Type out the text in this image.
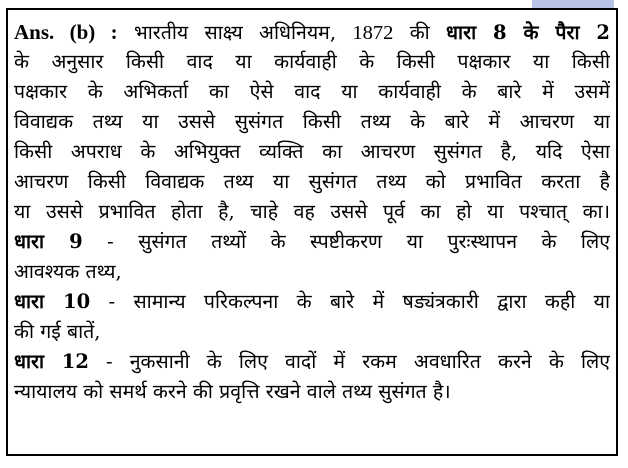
Ans. (b) : भारतीय साक्ष्य अधिनियम, 1872 की धारा 8 के पैरा 2
के अनुसार किसी वाद या कार्यवाही के किसी पक्षकार या किसी
पक्षकार के अभिकर्ता का ऐसे वाद या कार्यवाही के बारे में उसमें
विवाद्यक तथ्य या उससे सुसंगत किसी तथ्य के बारे में आचरण या
किसी अपराध के अभियुक्त व्यक्ति का आचरण सुसंगत है, यदि ऐसा
आचरण किसी विवाद्यक तथ्य या सुसंगत तथ्य को प्रभावित करता है
या उससे प्रभावित होता है, चाहे वह उससे पूर्व का हो या पश्चात् का।
धारा 9 - सुसंगत तथ्यों के स्पष्टीकरण या पुरःस्थापन के लिए
आवश्यक तथ्य,
धारा 10 - सामान्य परिकल्पना के बारे में षड्यंत्रकारी द्वारा कही या
की गई बातें,
धारा 12 - नुकसानी के लिए वादों में रकम अवधारित करने के लिए
न्यायालय को समर्थ करने की प्रवृत्ति रखने वाले तथ्य सुसंगत है।
